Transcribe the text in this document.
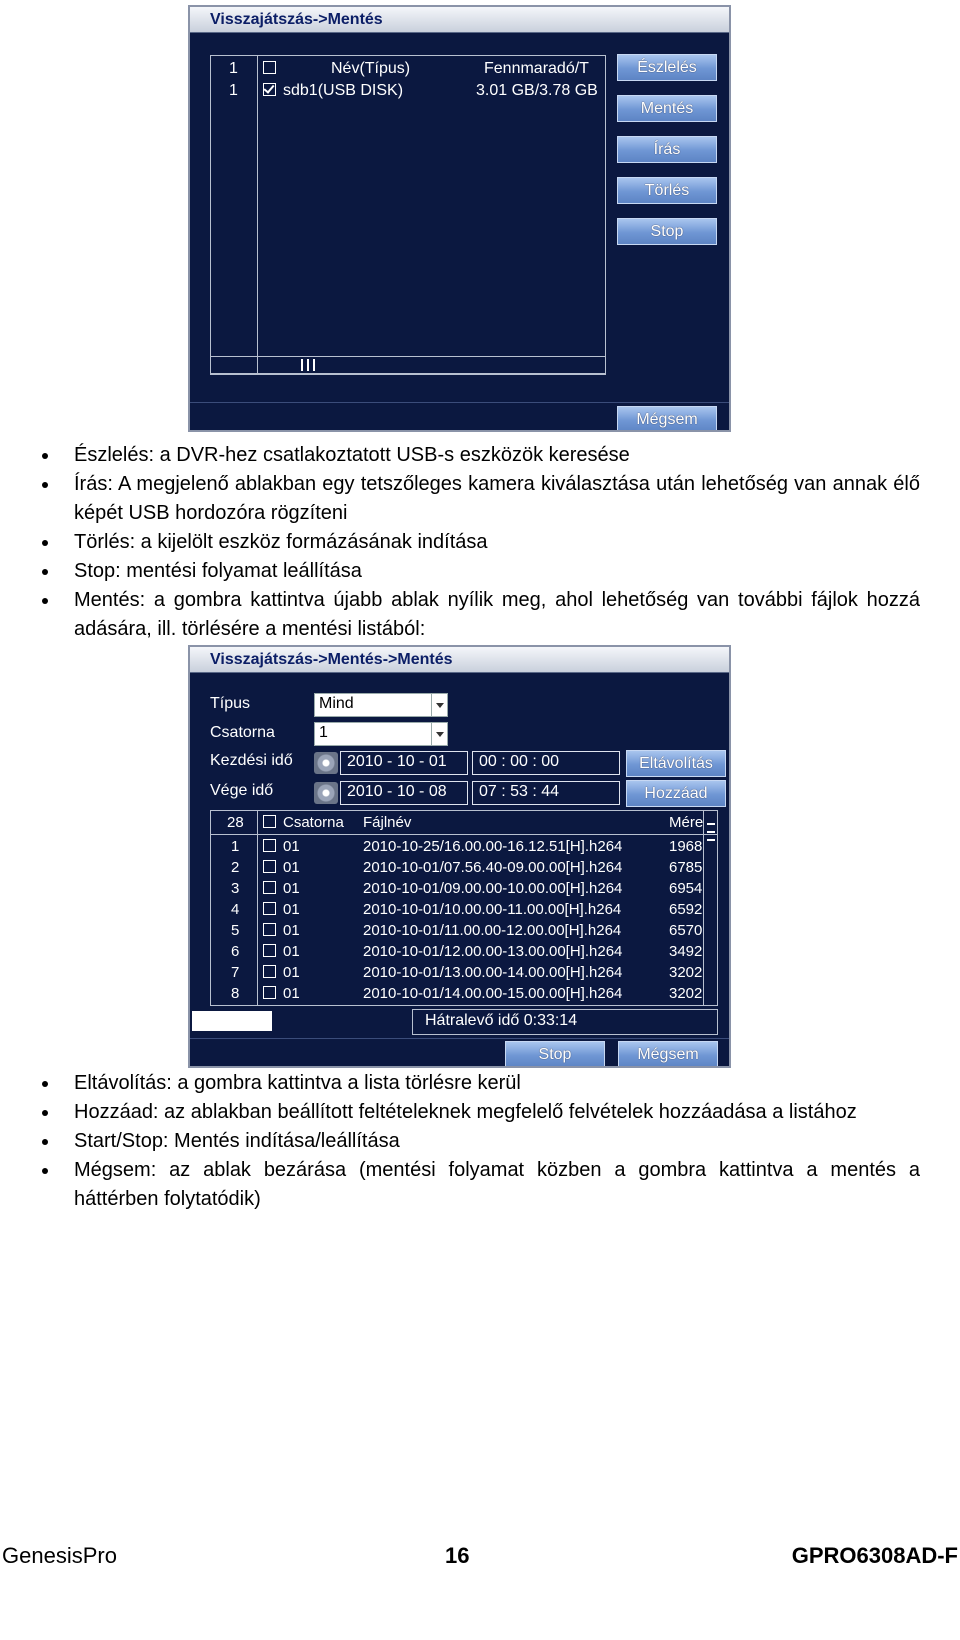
Visszajátszás->Mentés
1	Név(Típus)	Fennmaradó/T
1	sdb1(USB DISK)	3.01 GB/3.78 GB
Észlelés
Mentés
Írás
Törlés
Stop
Mégsem
Észlelés: a DVR-hez csatlakoztatott USB-s eszközök keresése
Írás: A megjelenő ablakban egy tetszőleges kamera kiválasztása után lehetőség van annak élő képét USB hordozóra rögzíteni
Törlés: a kijelölt eszköz formázásának indítása
Stop: mentési folyamat leállítása
Mentés: a gombra kattintva újabb ablak nyílik meg, ahol lehetőség van további fájlok hozzá adására, ill. törlésére a mentési listából:
Visszajátszás->Mentés->Mentés
Típus	Mind
Csatorna	1
Kezdési idő	2010 - 10 - 01	00 : 00 : 00	Eltávolítás
Vége idő	2010 - 10 - 08	07 : 53 : 44	Hozzáad
28	Csatorna Fájlnév	Mére
1	01	2010-10-25/16.00.00-16.12.51[H].h264	1968
2	01	2010-10-01/07.56.40-09.00.00[H].h264	6785
3	01	2010-10-01/09.00.00-10.00.00[H].h264	6954
4	01	2010-10-01/10.00.00-11.00.00[H].h264	6592
5	01	2010-10-01/11.00.00-12.00.00[H].h264	6570
6	01	2010-10-01/12.00.00-13.00.00[H].h264	3492
7	01	2010-10-01/13.00.00-14.00.00[H].h264	3202
8	01	2010-10-01/14.00.00-15.00.00[H].h264	3202
Hátralevő idő 0:33:14
Stop	Mégsem
Eltávolítás: a gombra kattintva a lista törlésre kerül
Hozzáad: az ablakban beállított feltételeknek megfelelő felvételek hozzáadása a listához
Start/Stop: Mentés indítása/leállítása
Mégsem: az ablak bezárása (mentési folyamat közben a gombra kattintva a mentés a háttérben folytatódik)
GenesisPro	16	GPRO6308AD-F
